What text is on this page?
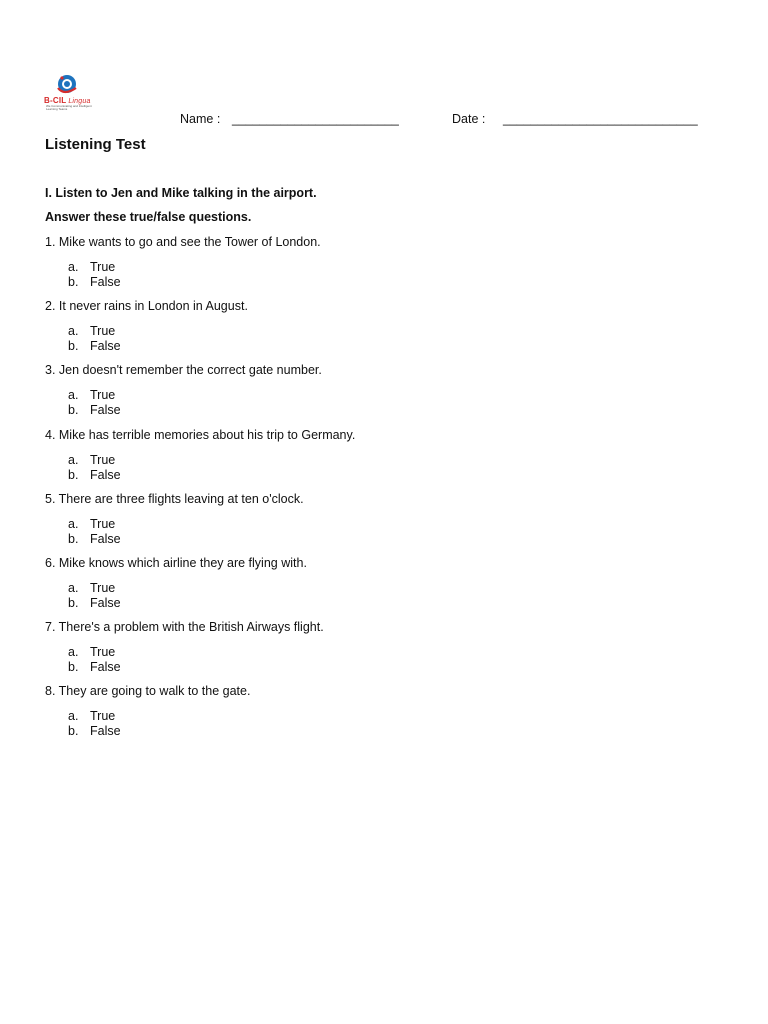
B-CIL Lingua
We Communicating and Intelligent
Learning Teams
Name : ________________________	Date : ____________________________
Listening Test
I. Listen to Jen and Mike talking in the airport.
Answer these true/false questions.
1. Mike wants to go and see the Tower of London.
a. True
b. False
2. It never rains in London in August.
a. True
b. False
3. Jen doesn't remember the correct gate number.
a. True
b. False
4. Mike has terrible memories about his trip to Germany.
a. True
b. False
5. There are three flights leaving at ten o'clock.
a. True
b. False
6. Mike knows which airline they are flying with.
a. True
b. False
7. There's a problem with the British Airways flight.
a. True
b. False
8. They are going to walk to the gate.
a. True
b. False
